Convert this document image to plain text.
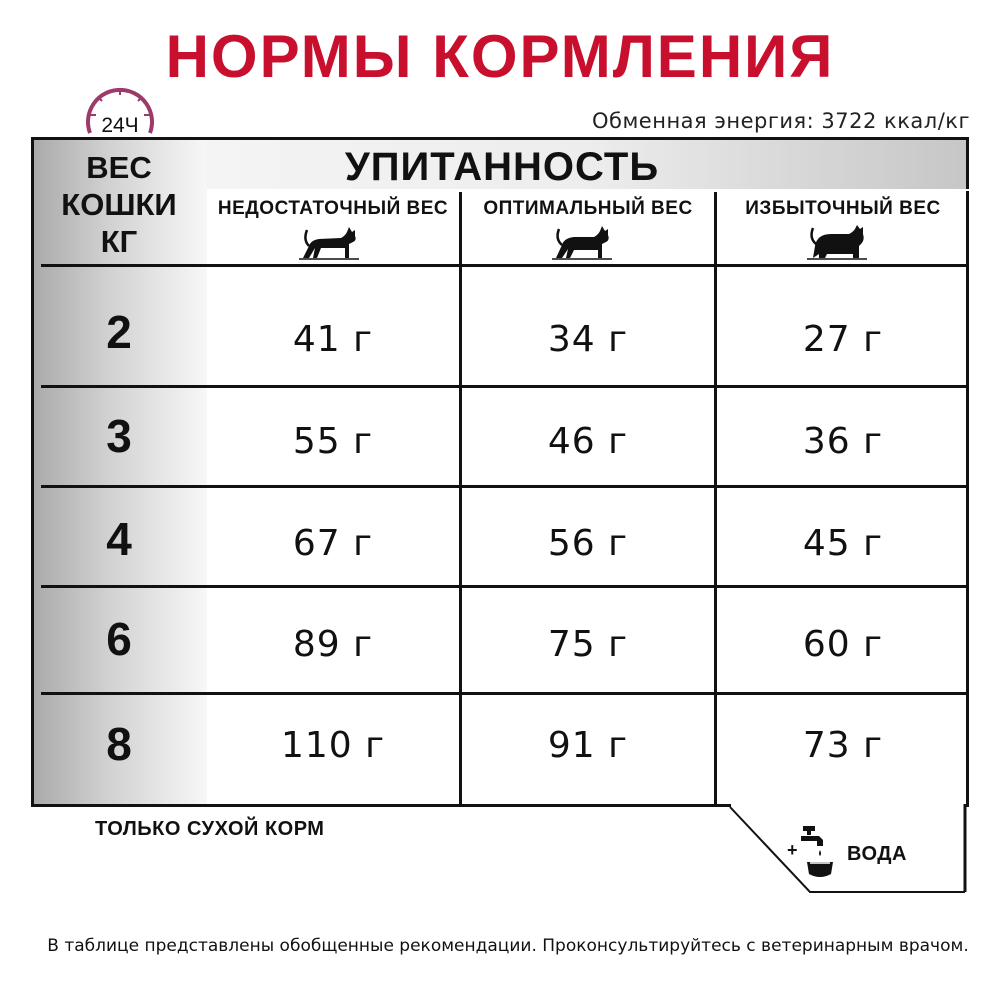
НОРМЫ КОРМЛЕНИЯ
24Ч	Обменная энергия: 3722 ккал/кг
УПИТАННОСТЬ
ВЕС
КОШКИ
КГ
НЕДОСТАТОЧНЫЙ ВЕС	ОПТИМАЛЬНЫЙ ВЕС	ИЗБЫТОЧНЫЙ ВЕС
2	41 г	34 г	27 г
3	55 г	46 г	36 г
4	67 г	56 г	45 г
6	89 г	75 г	60 г
8	110 г	91 г	73 г
+ ВОДА
ТОЛЬКО СУХОЙ КОРМ
В таблице представлены обобщенные рекомендации. Проконсультируйтесь с ветеринарным врачом.
